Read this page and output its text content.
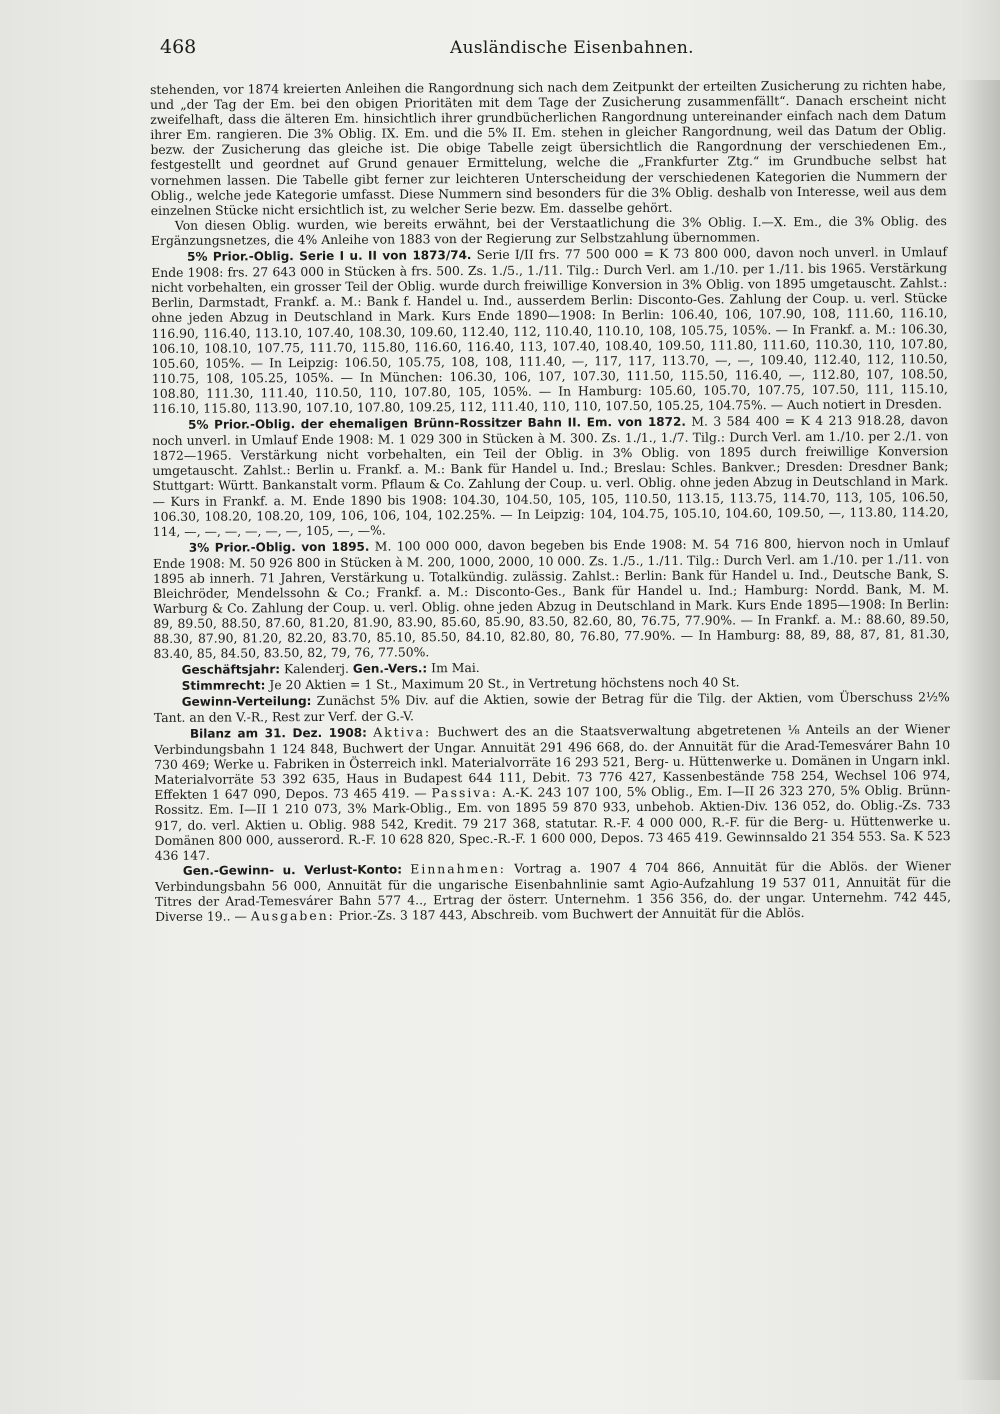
468	Ausländische Eisenbahnen.

stehenden, vor 1874 kreierten Anleihen die Rangordnung sich nach dem Zeitpunkt der erteilten Zusicherung zu richten habe, und „der Tag der Em. bei den obigen Prioritäten mit dem Tage der Zusicherung zusammenfällt“. Danach erscheint nicht zweifelhaft, dass die älteren Em. hinsichtlich ihrer grundbücherlichen Rangordnung untereinander einfach nach dem Datum ihrer Em. rangieren. Die 3% Oblig. IX. Em. und die 5% II. Em. stehen in gleicher Rangordnung, weil das Datum der Oblig. bezw. der Zusicherung das gleiche ist. Die obige Tabelle zeigt übersichtlich die Rangordnung der verschiedenen Em., festgestellt und geordnet auf Grund genauer Ermittelung, welche die „Frankfurter Ztg.“ im Grundbuche selbst hat vornehmen lassen. Die Tabelle gibt ferner zur leichteren Unterscheidung der verschiedenen Kategorien die Nummern der Oblig., welche jede Kategorie umfasst. Diese Nummern sind besonders für die 3% Oblig. deshalb von Interesse, weil aus dem einzelnen Stücke nicht ersichtlich ist, zu welcher Serie bezw. Em. dasselbe gehört.

Von diesen Oblig. wurden, wie bereits erwähnt, bei der Verstaatlichung die 3% Oblig. I.—X. Em., die 3% Oblig. des Ergänzungsnetzes, die 4% Anleihe von 1883 von der Regierung zur Selbstzahlung übernommen.

5% Prior.-Oblig. Serie I u. II von 1873/74. Serie I/II frs. 77 500 000 = K 73 800 000, davon noch unverl. in Umlauf Ende 1908: frs. 27 643 000 in Stücken à frs. 500. Zs. 1./5., 1./11. Tilg.: Durch Verl. am 1./10. per 1./11. bis 1965. Verstärkung nicht vorbehalten, ein grosser Teil der Oblig. wurde durch freiwillige Konversion in 3% Oblig. von 1895 umgetauscht. Zahlst.: Berlin, Darmstadt, Frankf. a. M.: Bank f. Handel u. Ind., ausserdem Berlin: Disconto-Ges. Zahlung der Coup. u. verl. Stücke ohne jeden Abzug in Deutschland in Mark. Kurs Ende 1890—1908: In Berlin: 106.40, 106, 107.90, 108, 111.60, 116.10, 116.90, 116.40, 113.10, 107.40, 108.30, 109.60, 112.40, 112, 110.40, 110.10, 108, 105.75, 105%. — In Frankf. a. M.: 106.30, 106.10, 108.10, 107.75, 111.70, 115.80, 116.60, 116.40, 113, 107.40, 108.40, 109.50, 111.80, 111.60, 110.30, 110, 107.80, 105.60, 105%. — In Leipzig: 106.50, 105.75, 108, 108, 111.40, —, 117, 117, 113.70, —, —, 109.40, 112.40, 112, 110.50, 110.75, 108, 105.25, 105%. — In München: 106.30, 106, 107, 107.30, 111.50, 115.50, 116.40, —, 112.80, 107, 108.50, 108.80, 111.30, 111.40, 110.50, 110, 107.80, 105, 105%. — In Hamburg: 105.60, 105.70, 107.75, 107.50, 111, 115.10, 116.10, 115.80, 113.90, 107.10, 107.80, 109.25, 112, 111.40, 110, 110, 107.50, 105.25, 104.75%. — Auch notiert in Dresden.

5% Prior.-Oblig. der ehemaligen Brünn-Rossitzer Bahn II. Em. von 1872. M. 3 584 400 = K 4 213 918.28, davon noch unverl. in Umlauf Ende 1908: M. 1 029 300 in Stücken à M. 300. Zs. 1./1., 1./7. Tilg.: Durch Verl. am 1./10. per 2./1. von 1872—1965. Verstärkung nicht vorbehalten, ein Teil der Oblig. in 3% Oblig. von 1895 durch freiwillige Konversion umgetauscht. Zahlst.: Berlin u. Frankf. a. M.: Bank für Handel u. Ind.; Breslau: Schles. Bankver.; Dresden: Dresdner Bank; Stuttgart: Württ. Bankanstalt vorm. Pflaum & Co. Zahlung der Coup. u. verl. Oblig. ohne jeden Abzug in Deutschland in Mark. — Kurs in Frankf. a. M. Ende 1890 bis 1908: 104.30, 104.50, 105, 105, 110.50, 113.15, 113.75, 114.70, 113, 105, 106.50, 106.30, 108.20, 108.20, 109, 106, 106, 104, 102.25%. — In Leipzig: 104, 104.75, 105.10, 104.60, 109.50, —, 113.80, 114.20, 114, —, —, —, —, —, —, 105, —, —%.

3% Prior.-Oblig. von 1895. M. 100 000 000, davon begeben bis Ende 1908: M. 54 716 800, hiervon noch in Umlauf Ende 1908: M. 50 926 800 in Stücken à M. 200, 1000, 2000, 10 000. Zs. 1./5., 1./11. Tilg.: Durch Verl. am 1./10. per 1./11. von 1895 ab innerh. 71 Jahren, Verstärkung u. Totalkündig. zulässig. Zahlst.: Berlin: Bank für Handel u. Ind., Deutsche Bank, S. Bleichröder, Mendelssohn & Co.; Frankf. a. M.: Disconto-Ges., Bank für Handel u. Ind.; Hamburg: Nordd. Bank, M. M. Warburg & Co. Zahlung der Coup. u. verl. Oblig. ohne jeden Abzug in Deutschland in Mark. Kurs Ende 1895—1908: In Berlin: 89, 89.50, 88.50, 87.60, 81.20, 81.90, 83.90, 85.60, 85.90, 83.50, 82.60, 80, 76.75, 77.90%. — In Frankf. a. M.: 88.60, 89.50, 88.30, 87.90, 81.20, 82.20, 83.70, 85.10, 85.50, 84.10, 82.80, 80, 76.80, 77.90%. — In Hamburg: 88, 89, 88, 87, 81, 81.30, 83.40, 85, 84.50, 83.50, 82, 79, 76, 77.50%.

Geschäftsjahr: Kalenderj. Gen.-Vers.: Im Mai.

Stimmrecht: Je 20 Aktien = 1 St., Maximum 20 St., in Vertretung höchstens noch 40 St.

Gewinn-Verteilung: Zunächst 5% Div. auf die Aktien, sowie der Betrag für die Tilg. der Aktien, vom Überschuss 2½% Tant. an den V.-R., Rest zur Verf. der G.-V.

Bilanz am 31. Dez. 1908: Aktiva: Buchwert des an die Staatsverwaltung abgetretenen ⅛ Anteils an der Wiener Verbindungsbahn 1 124 848, Buchwert der Ungar. Annuität 291 496 668, do. der Annuität für die Arad-Temesvárer Bahn 10 730 469; Werke u. Fabriken in Österreich inkl. Materialvorräte 16 293 521, Berg- u. Hüttenwerke u. Domänen in Ungarn inkl. Materialvorräte 53 392 635, Haus in Budapest 644 111, Debit. 73 776 427, Kassenbestände 758 254, Wechsel 106 974, Effekten 1 647 090, Depos. 73 465 419. — Passiva: A.-K. 243 107 100, 5% Oblig., Em. I—II 26 323 270, 5% Oblig. Brünn-Rossitz. Em. I—II 1 210 073, 3% Mark-Oblig., Em. von 1895 59 870 933, unbehob. Aktien-Div. 136 052, do. Oblig.-Zs. 733 917, do. verl. Aktien u. Oblig. 988 542, Kredit. 79 217 368, statutar. R.-F. 4 000 000, R.-F. für die Berg- u. Hüttenwerke u. Domänen 800 000, ausserord. R.-F. 10 628 820, Spec.-R.-F. 1 600 000, Depos. 73 465 419. Gewinnsaldo 21 354 553. Sa. K 523 436 147.

Gen.-Gewinn- u. Verlust-Konto: Einnahmen: Vortrag a. 1907 4 704 866, Annuität für die Ablös. der Wiener Verbindungsbahn 56 000, Annuität für die ungarische Eisenbahnlinie samt Agio-Aufzahlung 19 537 011, Annuität für die Titres der Arad-Temesvárer Bahn 577 4.., Ertrag der österr. Unternehm. 1 356 356, do. der ungar. Unternehm. 742 445, Diverse 19.. — Ausgaben: Prior.-Zs. 3 187 443, Abschreib. vom Buchwert der Annuität für die Ablös.
